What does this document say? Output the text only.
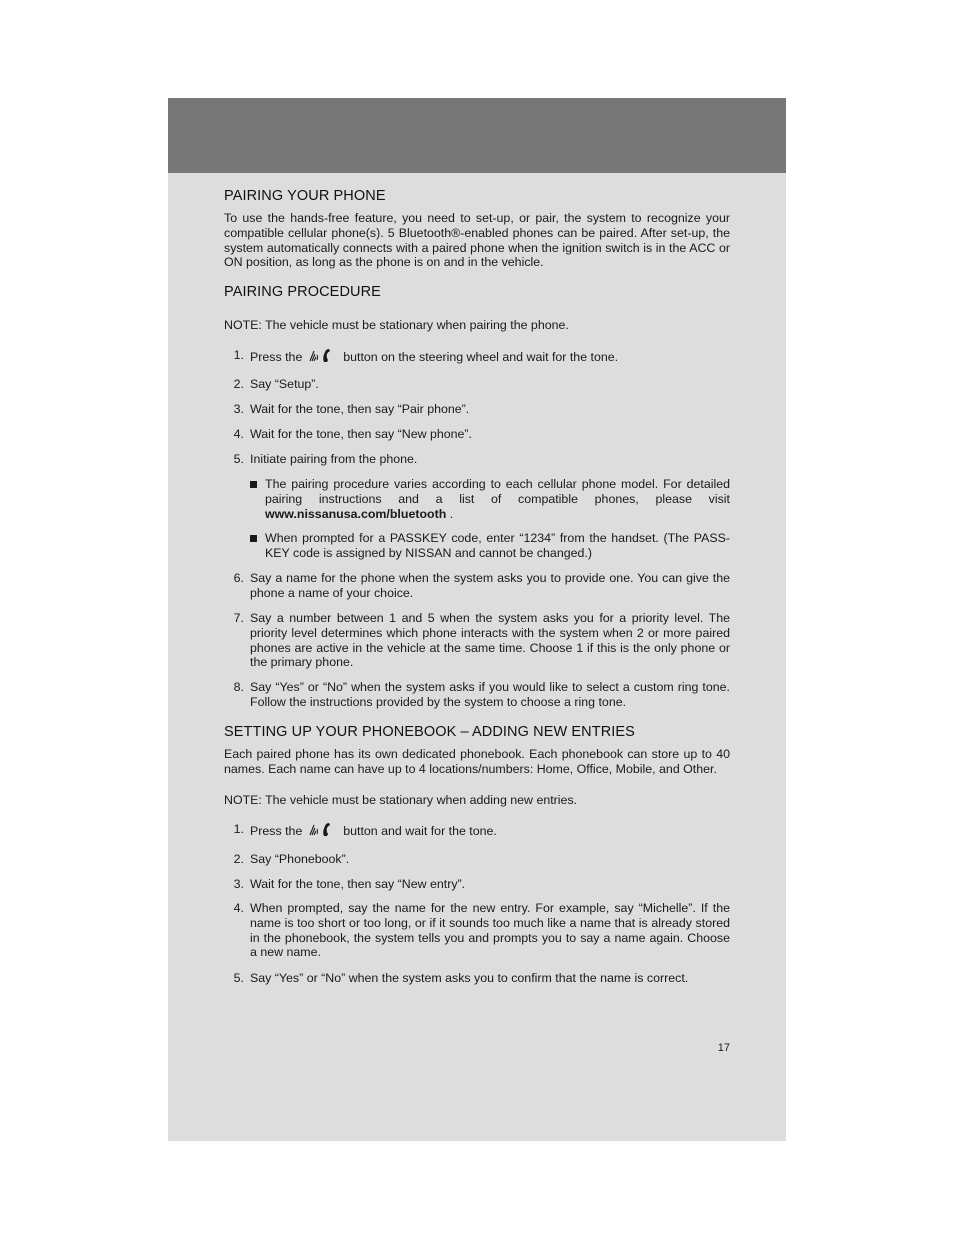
PAIRING YOUR PHONE

To use the hands-free feature, you need to set-up, or pair, the system to recognize your compatible cellular phone(s). 5 Bluetooth®-enabled phones can be paired. After set-up, the system automatically connects with a paired phone when the ignition switch is in the ACC or ON position, as long as the phone is on and in the vehicle.

PAIRING PROCEDURE
NOTE: The vehicle must be stationary when pairing the phone.
1. Press the	button on the steering wheel and wait for the tone.
2. Say “Setup”.
3. Wait for the tone, then say “Pair phone”.
4. Wait for the tone, then say “New phone”.
5. Initiate pairing from the phone.
The pairing procedure varies according to each cellular phone model. For detailed pairing instructions and a list of compatible phones, please visit www.nissanusa.com/bluetooth .
When prompted for a PASSKEY code, enter “1234” from the handset. (The PASS-KEY code is assigned by NISSAN and cannot be changed.)
6. Say a name for the phone when the system asks you to provide one. You can give the phone a name of your choice.
7. Say a number between 1 and 5 when the system asks you for a priority level. The priority level determines which phone interacts with the system when 2 or more paired phones are active in the vehicle at the same time. Choose 1 if this is the only phone or the primary phone.
8. Say “Yes” or “No” when the system asks if you would like to select a custom ring tone. Follow the instructions provided by the system to choose a ring tone.
SETTING UP YOUR PHONEBOOK – ADDING NEW ENTRIES

Each paired phone has its own dedicated phonebook. Each phonebook can store up to 40 names. Each name can have up to 4 locations/numbers: Home, Office, Mobile, and Other.

NOTE: The vehicle must be stationary when adding new entries.
1. Press the	button and wait for the tone.
2. Say “Phonebook”.
3. Wait for the tone, then say “New entry”.
4. When prompted, say the name for the new entry. For example, say “Michelle”. If the name is too short or too long, or if it sounds too much like a name that is already stored in the phonebook, the system tells you and prompts you to say a name again. Choose a new name.
5. Say “Yes” or “No” when the system asks you to confirm that the name is correct.
17
